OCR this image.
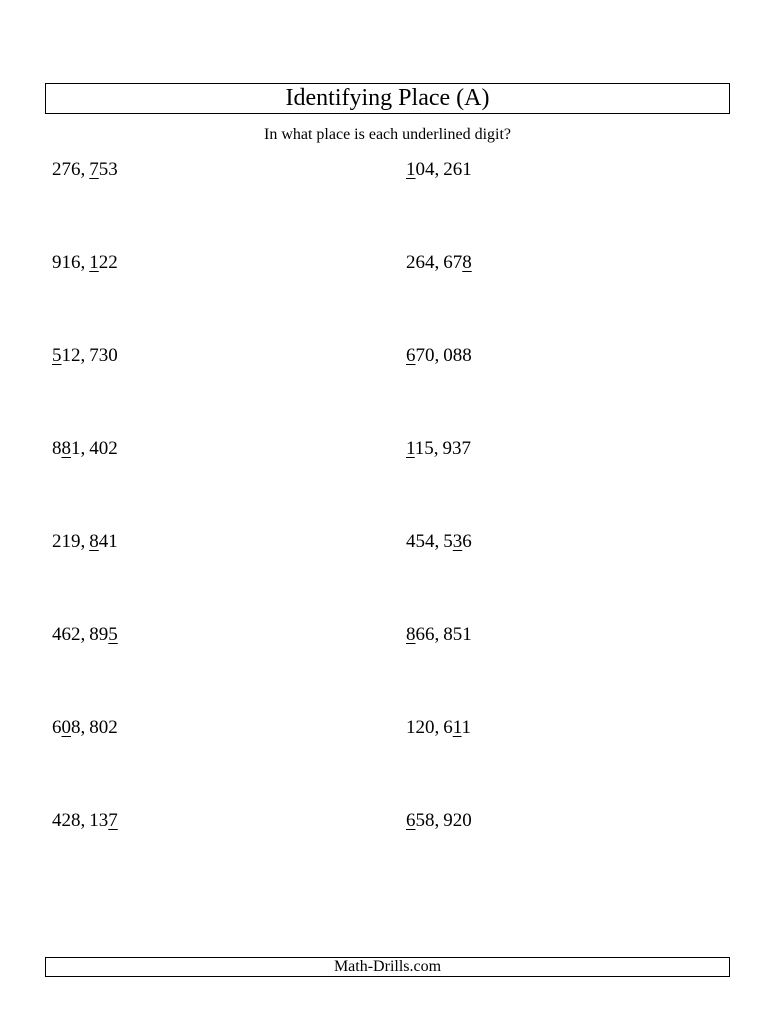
Identifying Place (A)
In what place is each underlined digit?
276, 753	104, 261
916, 122	264, 678
512, 730	670, 088
881, 402	115, 937
219, 841	454, 536
462, 895	866, 851
608, 802	120, 611
428, 137	658, 920
Math-Drills.com
